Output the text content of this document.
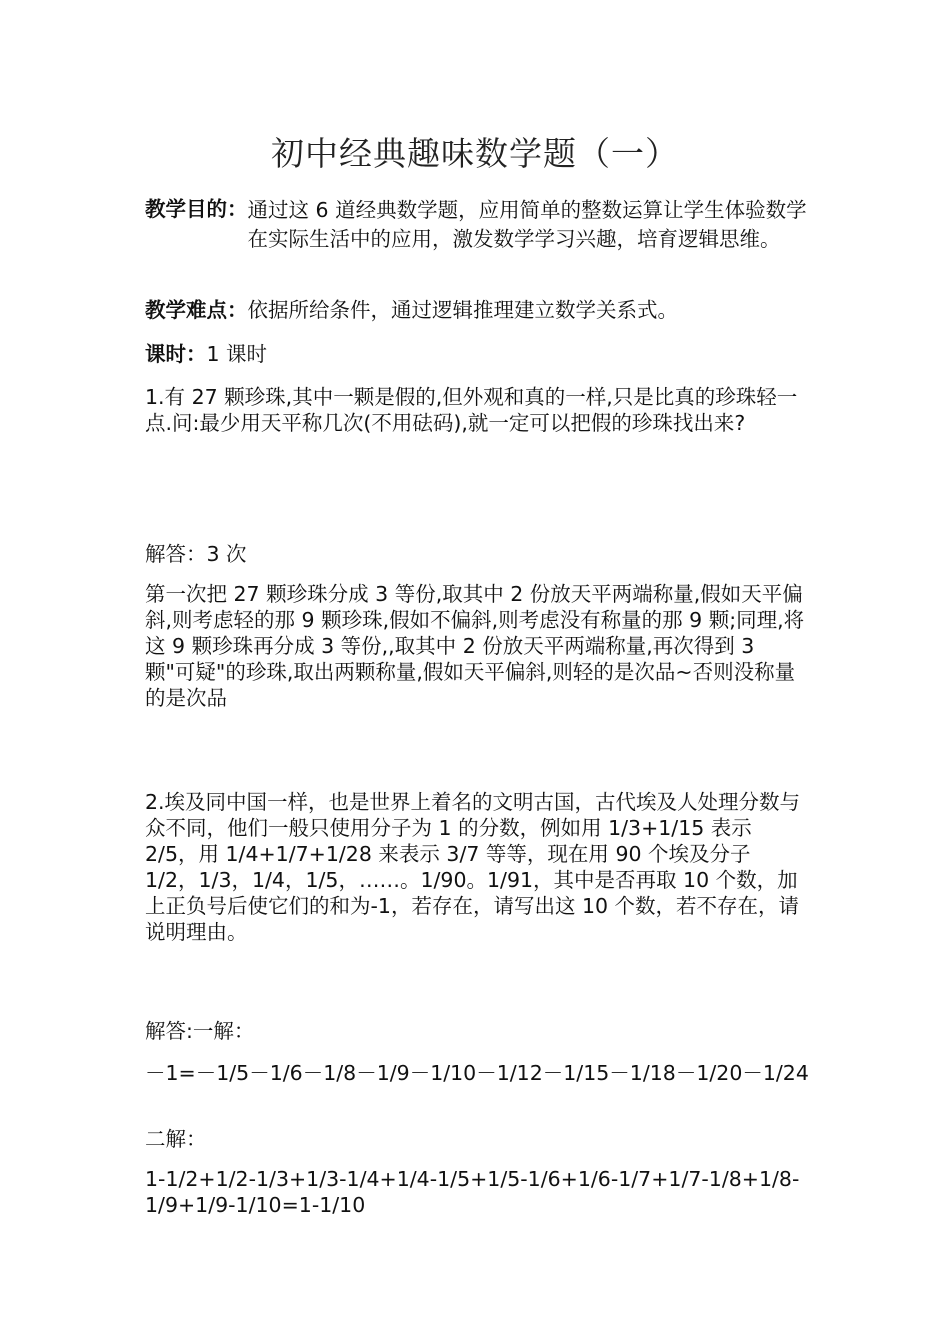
初中经典趣味数学题（一）
教学目的： 通过这 6 道经典数学题，应用简单的整数运算让学生体验数学在实际生活中的应用，激发数学学习兴趣，培育逻辑思维。
教学难点：依据所给条件，通过逻辑推理建立数学关系式。
课时：1 课时
1.有 27 颗珍珠,其中一颗是假的,但外观和真的一样,只是比真的珍珠轻一点.问:最少用天平称几次(不用砝码),就一定可以把假的珍珠找出来?
解答：3 次
第一次把 27 颗珍珠分成 3 等份,取其中 2 份放天平两端称量,假如天平偏斜,则考虑轻的那 9 颗珍珠,假如不偏斜,则考虑没有称量的那 9 颗;同理,将这 9 颗珍珠再分成 3 等份,,取其中 2 份放天平两端称量,再次得到 3 颗"可疑"的珍珠,取出两颗称量,假如天平偏斜,则轻的是次品~否则没称量的是次品
2.埃及同中国一样，也是世界上着名的文明古国，古代埃及人处理分数与众不同，他们一般只使用分子为 1 的分数，例如用 1/3+1/15 表示 2/5，用 1/4+1/7+1/28 来表示 3/7 等等，现在用 90 个埃及分子 1/2，1/3，1/4，1/5，……。1/90。1/91，其中是否再取 10 个数，加上正负号后使它们的和为-1，若存在，请写出这 10 个数，若不存在，请说明理由。
解答:一解：
－1=－1/5－1/6－1/8－1/9－1/10－1/12－1/15－1/18－1/20－1/24
二解：
1-1/2+1/2-1/3+1/3-1/4+1/4-1/5+1/5-1/6+1/6-1/7+1/7-1/8+1/8-1/9+1/9-1/10=1-1/10
